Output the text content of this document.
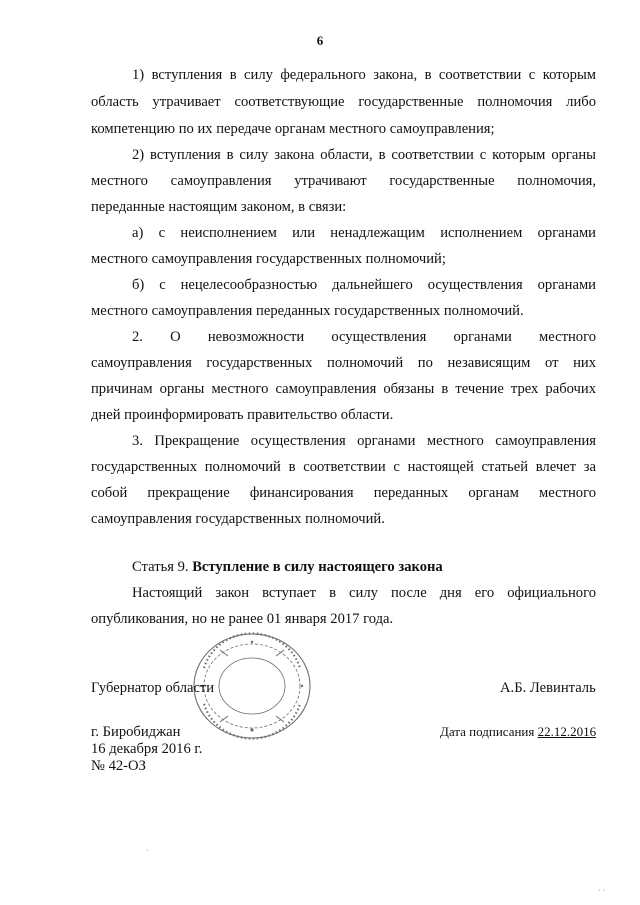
6
1) вступления в силу федерального закона, в соответствии с которым
область утрачивает соответствующие государственные полномочия либо
компетенцию по их передаче органам местного самоуправления;
2) вступления в силу закона области, в соответствии с которым органы
местного самоуправления утрачивают государственные полномочия,
переданные настоящим законом, в связи:
а) с неисполнением или ненадлежащим исполнением органами
местного самоуправления государственных полномочий;
б) с нецелесообразностью дальнейшего осуществления органами
местного самоуправления переданных государственных полномочий.
2. О невозможности осуществления органами местного
самоуправления государственных полномочий по независящим от них
причинам органы местного самоуправления обязаны в течение трех рабочих
дней проинформировать правительство области.
3. Прекращение осуществления органами местного самоуправления
государственных полномочий в соответствии с настоящей статьей влечет за
собой прекращение финансирования переданных органам местного
самоуправления государственных полномочий.
Статья 9. Вступление в силу настоящего закона
Настоящий закон вступает в силу после дня его официального
опубликования, но не ранее 01 января 2017 года.
Губернатор области	А.Б. Левинталь
г. Биробиджан
16 декабря 2016 г.
№ 42-ОЗ
Дата подписания 22.12.2016
·
· ·
